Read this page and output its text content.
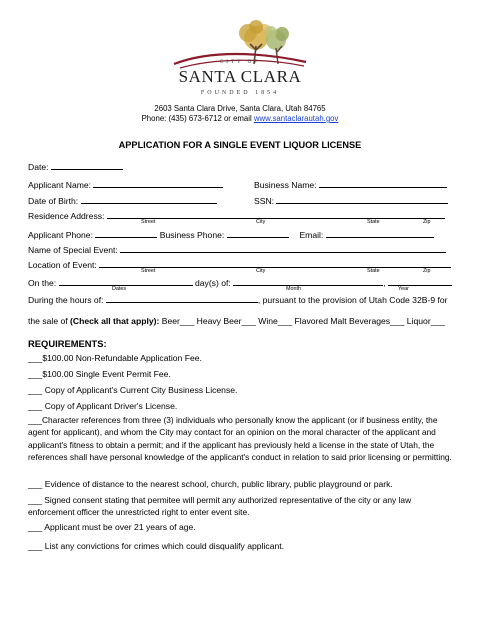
CITY OF
SANTA CLARA
FOUNDED 1854
2603 Santa Clara Drive, Santa Clara, Utah 84765
Phone: (435) 673-6712 or email www.santaclarautah.gov
APPLICATION FOR A SINGLE EVENT LIQUOR LICENSE
Date:
Applicant Name:	Business Name:
Date of Birth:	SSN:
Residence Address:
Street	City	State	Zip
Applicant Phone:	Business Phone:	Email:
Name of Special Event:
Location of Event:
Street	City	State	Zip
On the:	day(s) of:	,
Dates	Month	Year
During the hours of:	, pursuant to the provision of Utah Code 32B-9 for
the sale of (Check all that apply): Beer___ Heavy Beer___ Wine___ Flavored Malt Beverages___ Liquor___
REQUIREMENTS:
___$100.00 Non-Refundable Application Fee.
___$100.00 Single Event Permit Fee.
___ Copy of Applicant's Current City Business License.
___ Copy of Applicant Driver's License.
___Character references from three (3) individuals who personally know the applicant (or if business entity, the agent for applicant), and whom the City may contact for an opinion on the moral character of the applicant and applicant's fitness to obtain a permit; and if the applicant has previously held a license in the state of Utah, the references shall have personal knowledge of the applicant's conduct in relation to said prior licensing or permitting.
___ Evidence of distance to the nearest school, church, public library, public playground or park.
___ Signed consent stating that permitee will permit any authorized representative of the city or any law enforcement officer the unrestricted right to enter event site.
___ Applicant must be over 21 years of age.
___ List any convictions for crimes which could disqualify applicant.
